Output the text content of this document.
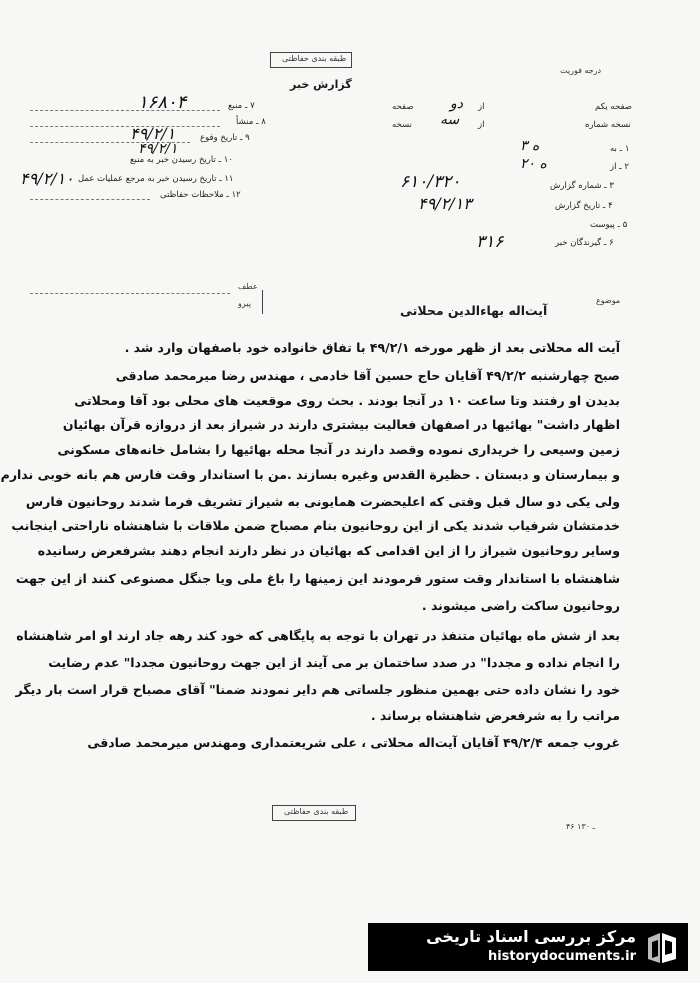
طبقه بندی حفاظتی
گزارش خبر
درجه فوریت
۷ ـ منبع
۱۶۸۰۴
۸ ـ منشأ
۹ ـ تاریخ وقوع
۴۹/۲/۱
۱۰ ـ تاریخ رسیدن خبر به منبع
۴۹/۲/۱
۱۱ ـ تاریخ رسیدن خبر به مرجع عملیات عمل
۴۹/۲/۱۰
۱۲ ـ ملاحظات حفاظتی
صفحه یکم
از
دو
صفحه
نسخه شماره
از
سه
نسخه
۱ ـ به
۳ ه
۲ ـ از
۲۰ ه
۳ ـ شماره گزارش
۶۱۰/۳۲۰
۴ ـ تاریخ گزارش
۴۹/۲/۱۳
۵ ـ پیوست
۶ ـ گیرندگان خبر
۳۱۶
عطف
پیرو	موضوع
آیت‌اله بهاءالدین محلاتی
آیت اله محلاتی بعد از ظهر مورخه ۴۹/۲/۱ با تفاق خانواده خود باصفهان وارد شد .
صبح چهارشنبه ۴۹/۲/۲ آقایان حاج حسین آقا خادمی ، مهندس رضا میرمحمد صادقی
بدیدن او رفتند وتا ساعت ۱۰ در آنجا بودند . بحث روی موقعیت های محلی بود آقا ومحلاتی
اظهار داشت" بهائیها در اصفهان فعالیت بیشتری دارند در شیراز بعد از دروازه قرآن بهائیان
زمین وسیعی را خریداری نموده وقصد دارند در آنجا محله بهائیها را بشامل خانه‌های مسکونی
و بیمارستان و دبستان . حظیرة القدس وغیره بسازند .من با استاندار وقت فارس هم بانه خوبی ندارم
ولی یکی دو سال قبل وقتی که اعلیحضرت همایونی به شیراز تشریف فرما شدند روحانیون فارس
خدمتشان شرفیاب شدند یکی از این روحانیون بنام مصباح ضمن ملاقات با شاهنشاه ناراحتی اینجانب
وسایر روحانیون شیراز را از این اقدامی که بهائیان در نظر دارند انجام دهند بشرفعرض رسانیده
شاهنشاه با استاندار وقت ستور فرمودند این زمینها را باغ ملی ویا جنگل مصنوعی کنند از این جهت
روحانیون ساکت راضی میشوند .
بعد از شش ماه بهائیان متنفذ در تهران با توجه به پایگاهی که خود کند رهه‌ جاد ارند او امر شاهنشاه
را انجام نداده و مجددا" در صدد ساختمان بر می آیند از این جهت روحانیون مجددا" عدم رضایت
خود را نشان داده حتی بهمین منظور جلساتی هم دایر نمودند ضمنا" آقای مصباح قرار است بار دیگر
مراتب را به شرفعرض شاهنشاه برساند .
غروب جمعه ۴۹/۲/۴ آقایان آیت‌اله محلاتی ، علی شریعتمداری ومهندس میرمحمد صادقی
طبقه بندی حفاظتی
۴۶ ـ ۱۳۰
مرکز بررسی اسناد تاریخی
historydocuments.ir
